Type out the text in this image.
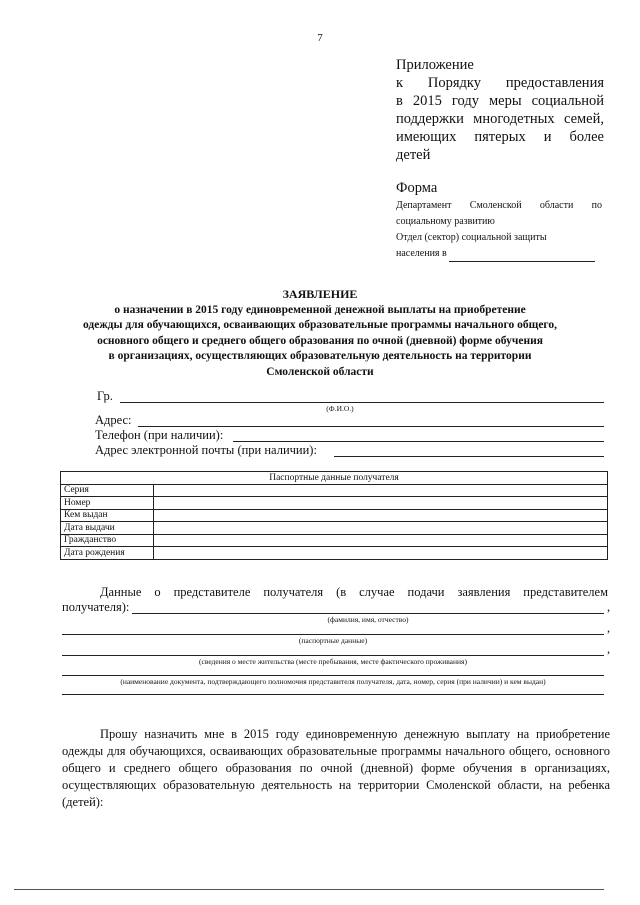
7
Приложение
к Порядку предоставления
в 2015 году меры социальной
поддержки многодетных семей,
имеющих пятерых и более
детей
Форма
Департамент Смоленской области по
социальному развитию
Отдел (сектор) социальной защиты
населения в
ЗАЯВЛЕНИЕ
о назначении в 2015 году единовременной денежной выплаты на приобретение
одежды для обучающихся, осваивающих образовательные программы начального общего,
основного общего и среднего общего образования по очной (дневной) форме обучения
в организациях, осуществляющих образовательную деятельность на территории
Смоленской области
Гр.
(Ф.И.О.)
Адрес:
Телефон (при наличии):
Адрес электронной почты (при наличии):
Паспортные данные получателя	
Серия	
Номер	
Кем выдан	
Дата выдачи	
Гражданство	
Дата рождения	
Данные о представителе получателя (в случае подачи заявления представителем
получателя):	,
(фамилия, имя, отчество)
,
(паспортные данные)
,
(сведения о месте жительства (месте пребывания, месте фактического проживания)
(наименование документа, подтверждающего полномочия представителя получателя, дата, номер, серия (при наличии) и кем выдан)
Прошу назначить мне в 2015 году единовременную денежную выплату на приобретение одежды для обучающихся, осваивающих образовательные программы начального общего, основного общего и среднего общего образования по очной (дневной) форме обучения в организациях, осуществляющих образовательную деятельность на территории Смоленской области, на ребенка (детей):
